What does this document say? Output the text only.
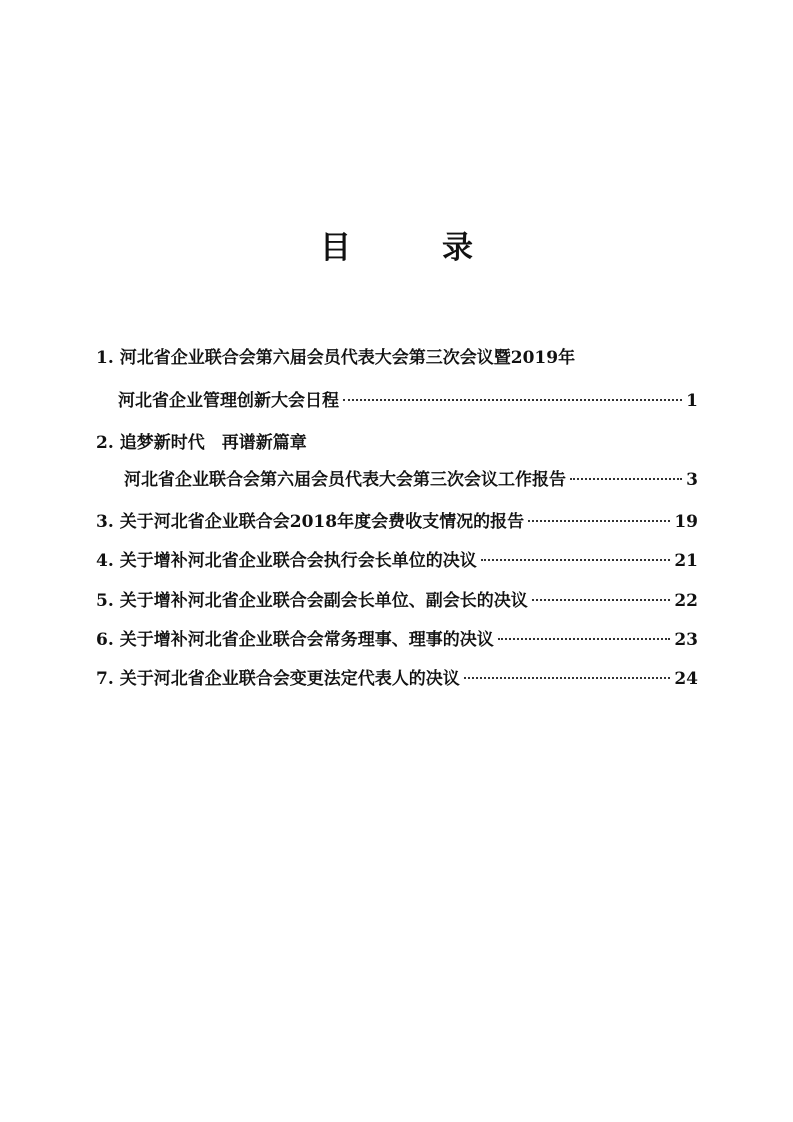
目　录
1. 河北省企业联合会第六届会员代表大会第三次会议暨2019年
河北省企业管理创新大会日程	1
2. 追梦新时代　再谱新篇章
河北省企业联合会第六届会员代表大会第三次会议工作报告	3
3. 关于河北省企业联合会2018年度会费收支情况的报告	19
4. 关于增补河北省企业联合会执行会长单位的决议	21
5. 关于增补河北省企业联合会副会长单位、副会长的决议	22
6. 关于增补河北省企业联合会常务理事、理事的决议	23
7. 关于河北省企业联合会变更法定代表人的决议	24
